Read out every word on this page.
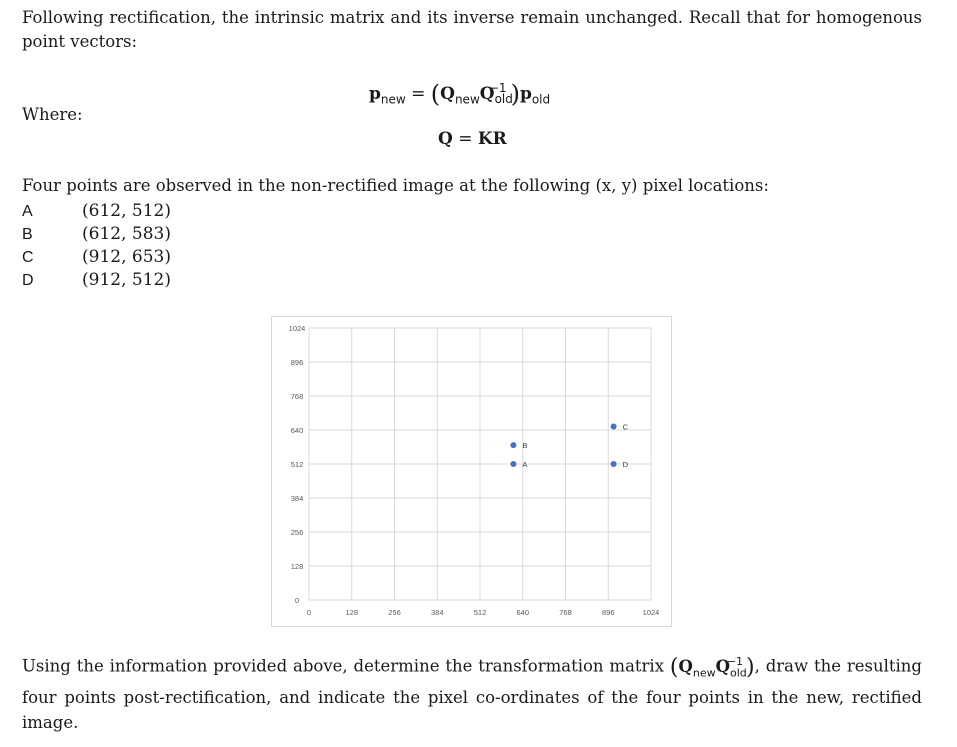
Following rectification, the intrinsic matrix and its inverse remain unchanged. Recall that for homogenous point vectors:

$p_{new} = (Q_{new}Q_{old}^{-1}$ )$p_{old}$
Where:
Q = KR
Four points are observed in the non-rectified image at the following (x, y) pixel locations:
A	(612, 512)
B	(612, 583)
C	(912, 653)
D	(912, 512)
0
128
256
384
512
640
768
896
1024
0	128	256	384	512	640	768	896	1024
A
B
C
D

Using the information provided above, determine the transformation matrix ($Q_{new}Q_{old}^{-1}$ ), draw the resulting four points post-rectification, and indicate the pixel co-ordinates of the four points in the new, rectified image.
